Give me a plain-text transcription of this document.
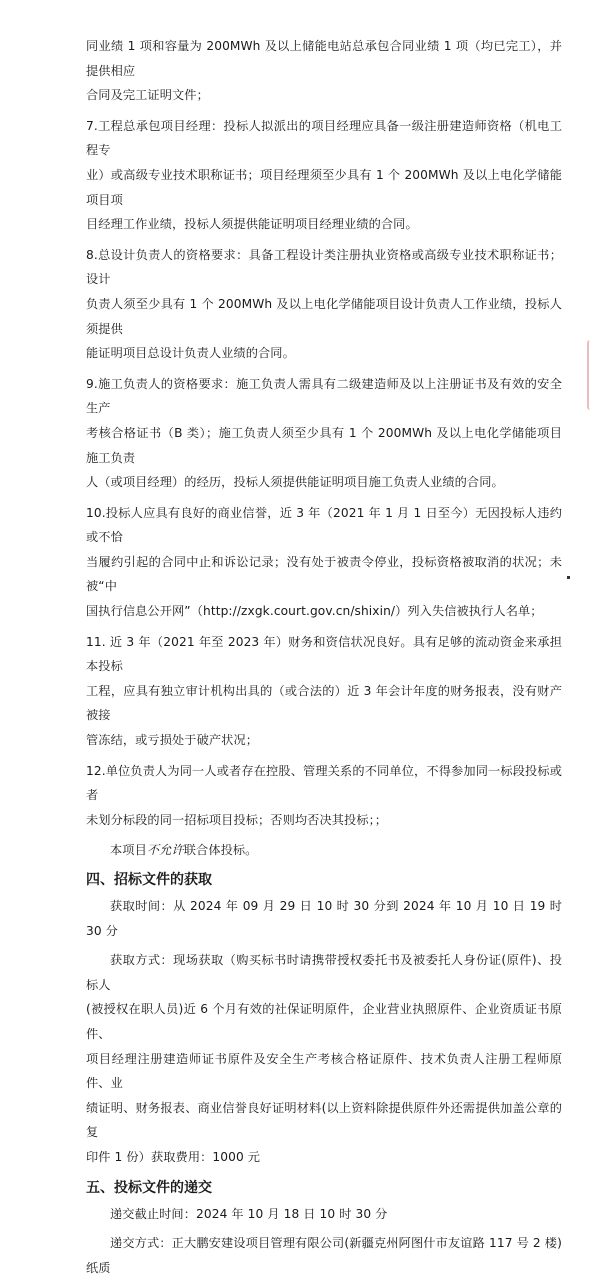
同业绩 1 项和容量为 200MWh 及以上储能电站总承包合同业绩 1 项（均已完工），并提供相应
合同及完工证明文件；
7.工程总承包项目经理：投标人拟派出的项目经理应具备一级注册建造师资格（机电工程专
业）或高级专业技术职称证书；项目经理须至少具有 1 个 200MWh 及以上电化学储能项目项
目经理工作业绩，投标人须提供能证明项目经理业绩的合同。
8.总设计负责人的资格要求：具备工程设计类注册执业资格或高级专业技术职称证书；设计
负责人须至少具有 1 个 200MWh 及以上电化学储能项目设计负责人工作业绩，投标人须提供
能证明项目总设计负责人业绩的合同。
9.施工负责人的资格要求：施工负责人需具有二级建造师及以上注册证书及有效的安全生产
考核合格证书（B 类）；施工负责人须至少具有 1 个 200MWh 及以上电化学储能项目施工负责
人（或项目经理）的经历，投标人须提供能证明项目施工负责人业绩的合同。
10.投标人应具有良好的商业信誉，近 3 年（2021 年 1 月 1 日至今）无因投标人违约或不恰
当履约引起的合同中止和诉讼记录；没有处于被责令停业，投标资格被取消的状况；未被“中
国执行信息公开网”（http://zxgk.court.gov.cn/shixin/）列入失信被执行人名单；
11. 近 3 年（2021 年至 2023 年）财务和资信状况良好。具有足够的流动资金来承担本投标
工程，应具有独立审计机构出具的（或合法的）近 3 年会计年度的财务报表，没有财产被接
管冻结，或亏损处于破产状况；
12.单位负责人为同一人或者存在控股、管理关系的不同单位，不得参加同一标段投标或者
未划分标段的同一招标项目投标；否则均否决其投标；；
本项目不允许联合体投标。
四、招标文件的获取
获取时间：从 2024 年 09 月 29 日 10 时 30 分到 2024 年 10 月 10 日 19 时 30 分
获取方式：现场获取（购买标书时请携带授权委托书及被委托人身份证(原件)、投标人
(被授权在职人员)近 6 个月有效的社保证明原件，企业营业执照原件、企业资质证书原件、
项目经理注册建造师证书原件及安全生产考核合格证原件、技术负责人注册工程师原件、业
绩证明、财务报表、商业信誉良好证明材料(以上资料除提供原件外还需提供加盖公章的复
印件 1 份）获取费用：1000 元
五、投标文件的递交
递交截止时间：2024 年 10 月 18 日 10 时 30 分
递交方式：正大鹏安建设项目管理有限公司(新疆克州阿图什市友谊路 117 号 2 楼)纸质
